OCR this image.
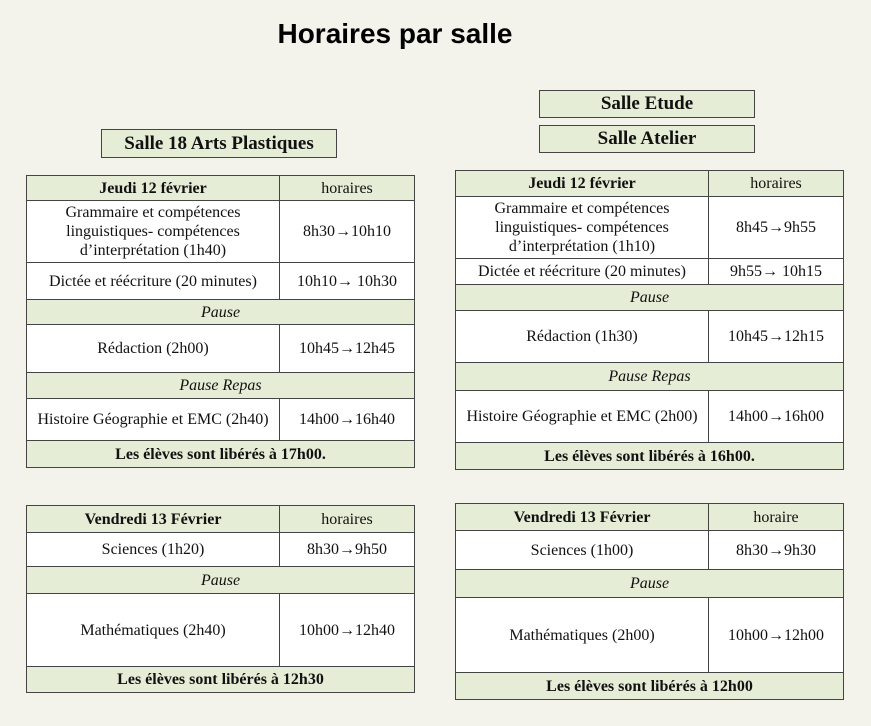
Horaires par salle
Salle 18 Arts Plastiques
Salle Etude
Salle Atelier
Jeudi 12 février	horaires
Grammaire et compétences linguistiques- compétences d’interprétation (1h40)	8h30→10h10
Dictée et réécriture (20 minutes)	10h10→ 10h30
Pause	
Rédaction (2h00)	10h45→12h45
Pause Repas	
Histoire Géographie et EMC (2h40)	14h00→16h40
Les élèves sont libérés à 17h00.	
Jeudi 12 février	horaires
Grammaire et compétences linguistiques- compétences d’interprétation (1h10)	8h45→9h55
Dictée et réécriture (20 minutes)	9h55→ 10h15
Pause	
Rédaction (1h30)	10h45→12h15
Pause Repas	
Histoire Géographie et EMC (2h00)	14h00→16h00
Les élèves sont libérés à 16h00.	
Vendredi 13 Février	horaires
Sciences (1h20)	8h30→9h50
Pause	
Mathématiques (2h40)	10h00→12h40
Les élèves sont libérés à 12h30	
Vendredi 13 Février	horaire
Sciences (1h00)	8h30→9h30
Pause	
Mathématiques (2h00)	10h00→12h00
Les élèves sont libérés à 12h00	
